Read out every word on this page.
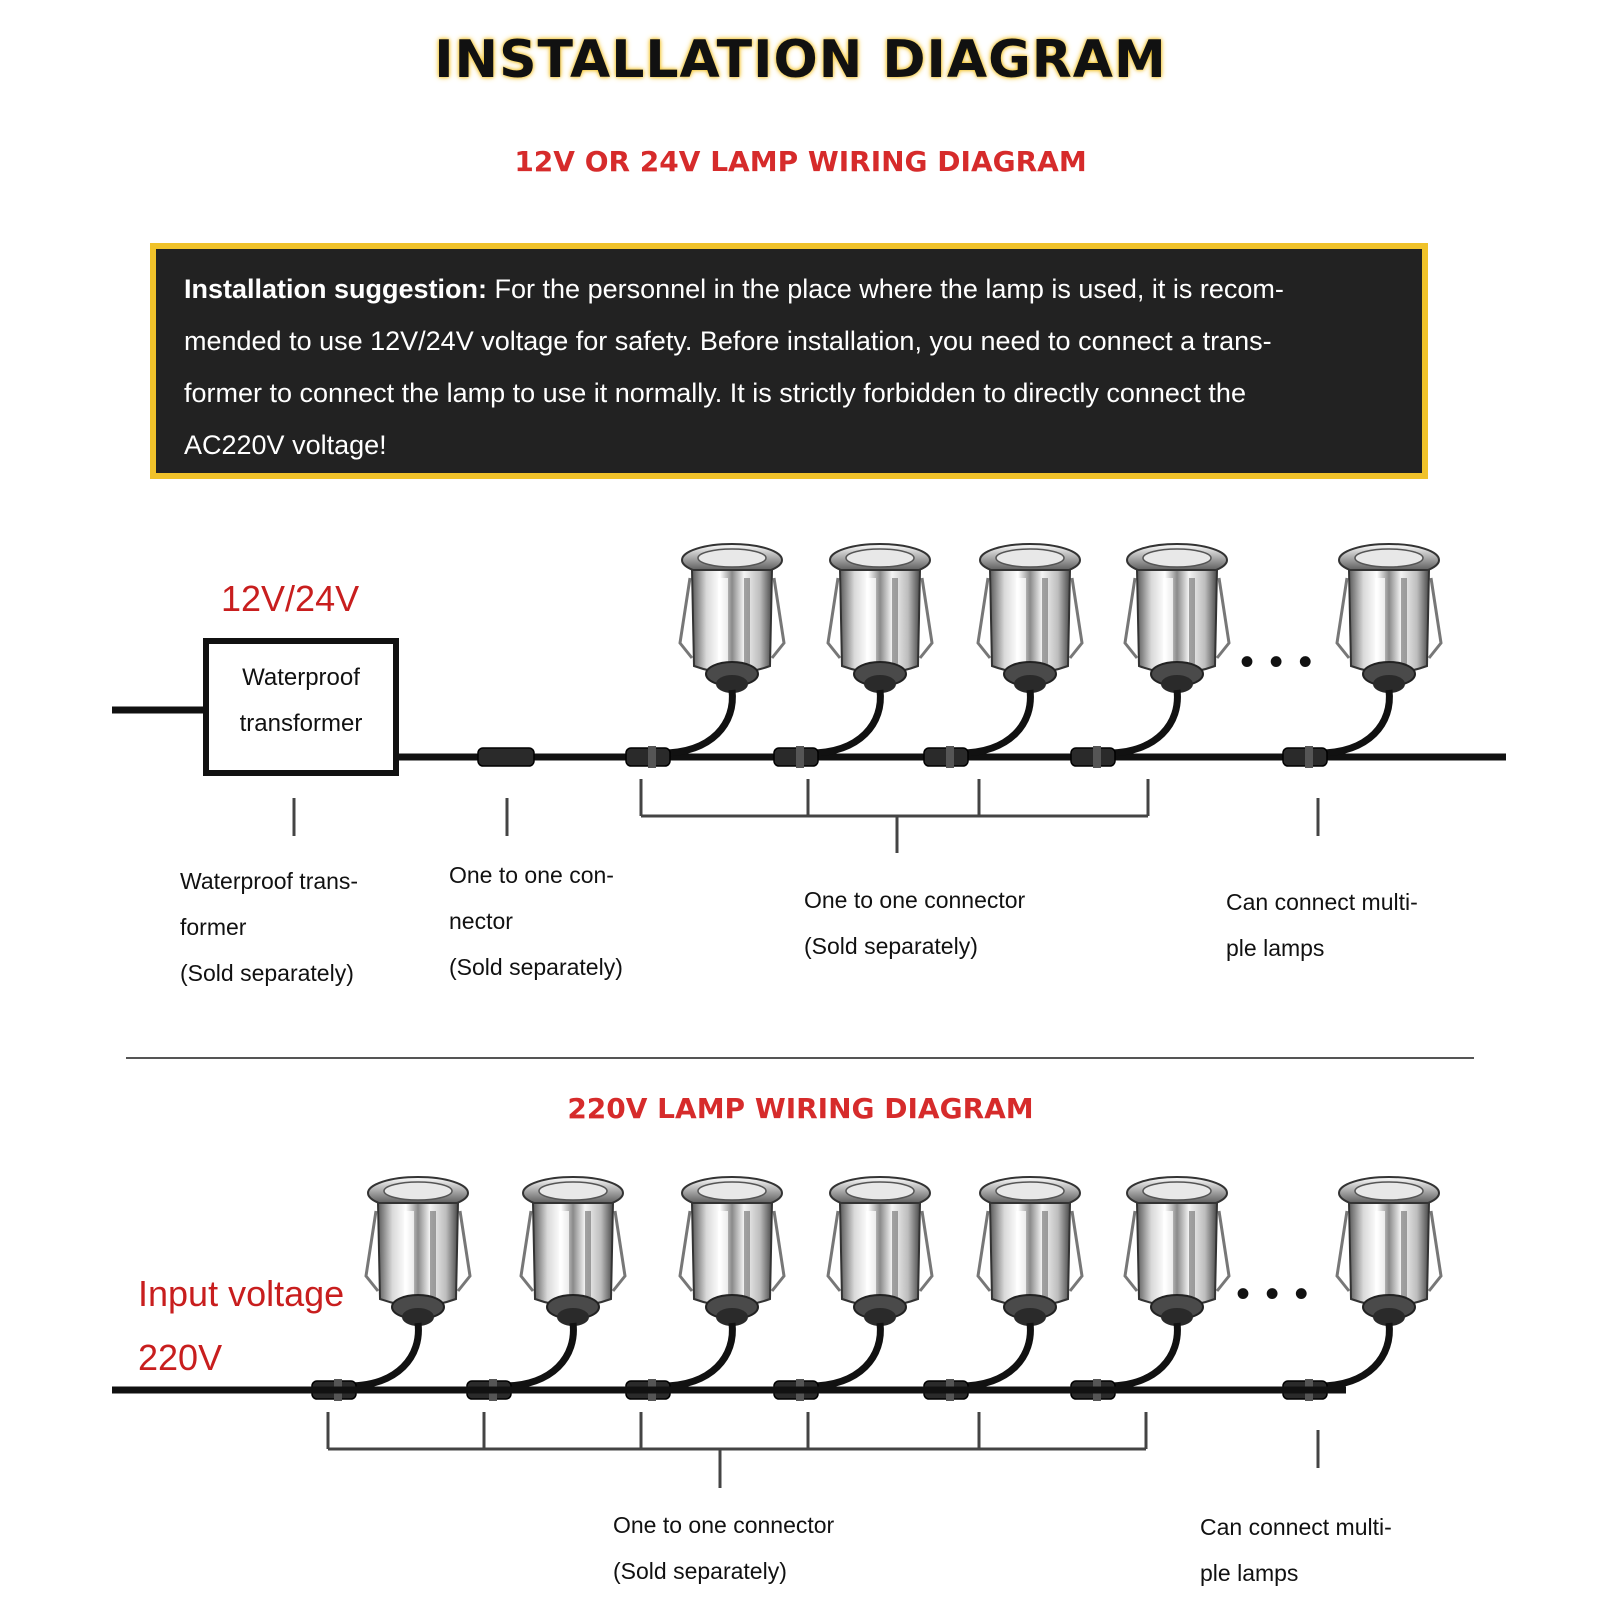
INSTALLATION DIAGRAM
12V OR 24V LAMP WIRING DIAGRAM
Installation suggestion: For the personnel in the place where the lamp is used, it is recom-
mended to use 12V/24V voltage for safety. Before installation, you need to connect a trans-
former to connect the lamp to use it normally. It is strictly forbidden to directly connect the
AC220V voltage!
Waterproof
transformer
12V/24V
• • •
Waterproof trans-
former
(Sold separately)
One to one con-
nector
(Sold separately)
One to one connector
(Sold separately)
Can connect multi-
ple lamps
220V LAMP WIRING DIAGRAM
Input voltage
220V
• • •
One to one connector
(Sold separately)
Can connect multi-
ple lamps
